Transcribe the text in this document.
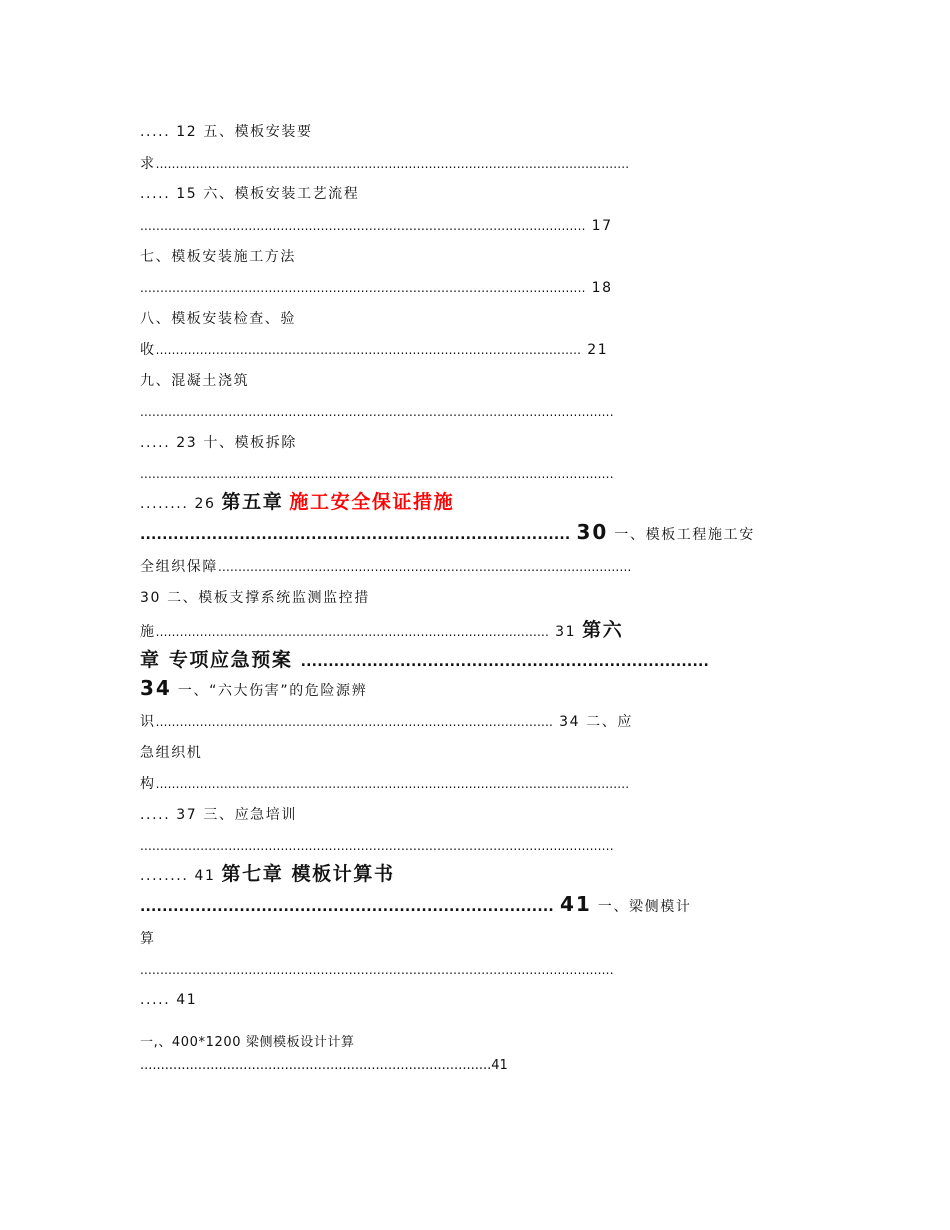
..... 12 五、模板安装要
求......................................................................................................................
..... 15 六、模板安装工艺流程
............................................................................................................... 17
七、模板安装施工方法
............................................................................................................... 18
八、模板安装检查、验
收.......................................................................................................... 21
九、混凝土浇筑
......................................................................................................................
..... 23 十、模板拆除
......................................................................................................................
........ 26 第五章 施工安全保证措施
.............................................................................. 30 一、模板工程施工安
全组织保障.......................................................................................................
30 二、模板支撑系统监测监控措
施.................................................................................................. 31 第六
章 专项应急预案 ..........................................................................
34 一、“六大伤害”的危险源辨
识................................................................................................... 34 二、应
急组织机
构......................................................................................................................
..... 37 三、应急培训
......................................................................................................................
........ 41 第七章 模板计算书
........................................................................... 41 一、梁侧模计
算
......................................................................................................................
..... 41
一,、400*1200 梁侧模板设计计算
.....................................................................................41
